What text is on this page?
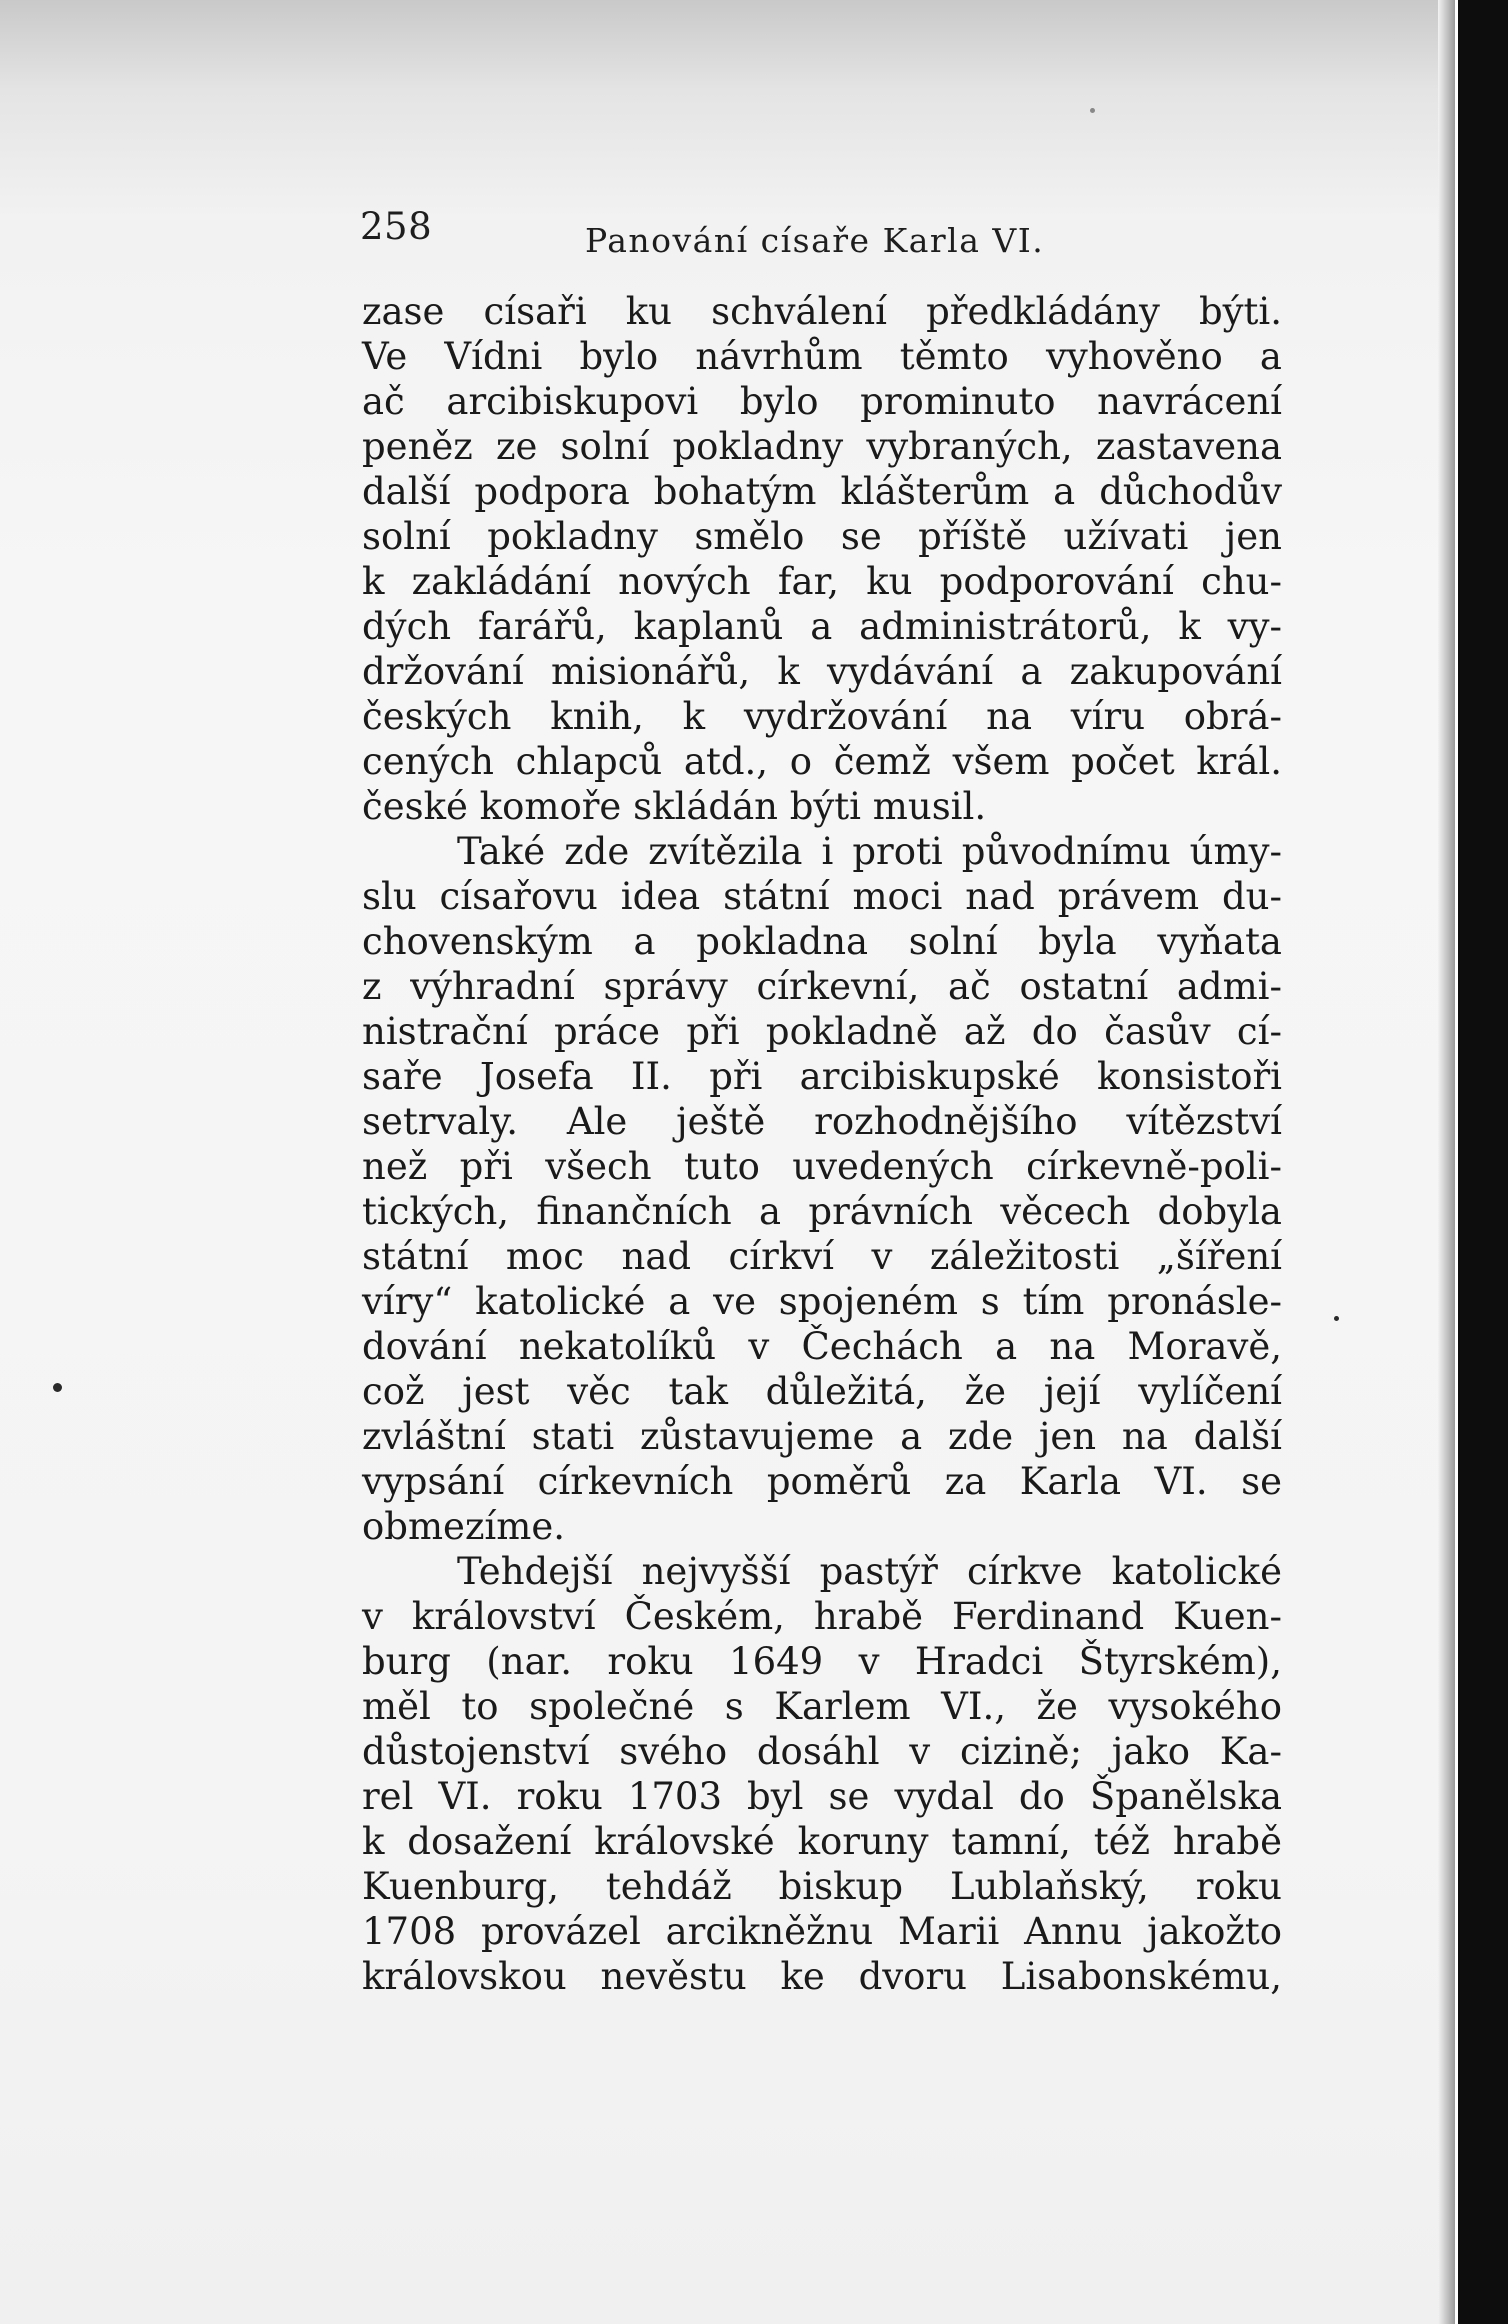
258	Panování císaře Karla VI.
zase císaři ku schválení předkládány býti.
Ve Vídni bylo návrhům těmto vyhověno a
ač arcibiskupovi bylo prominuto navrácení
peněz ze solní pokladny vybraných, zastavena
další podpora bohatým klášterům a důchodův
solní pokladny smělo se příště užívati jen
k zakládání nových far, ku podporování chu-
dých farářů, kaplanů a administrátorů, k vy-
držování misionářů, k vydávání a zakupování
českých knih, k vydržování na víru obrá-
cených chlapců atd., o čemž všem počet král.
české komoře skládán býti musil.
Také zde zvítězila i proti původnímu úmy-
slu císařovu idea státní moci nad právem du-
chovenským a pokladna solní byla vyňata
z výhradní správy církevní, ač ostatní admi-
nistrační práce při pokladně až do časův cí-
saře Josefa II. při arcibiskupské konsistoři
setrvaly. Ale ještě rozhodnějšího vítězství
než při všech tuto uvedených církevně-poli-
tických, finančních a právních věcech dobyla
státní moc nad církví v záležitosti „šíření
víry“ katolické a ve spojeném s tím pronásle-
dování nekatolíků v Čechách a na Moravě,
což jest věc tak důležitá, že její vylíčení
zvláštní stati zůstavujeme a zde jen na další
vypsání církevních poměrů za Karla VI. se
obmezíme.
Tehdejší nejvyšší pastýř církve katolické
v království Českém, hrabě Ferdinand Kuen-
burg (nar. roku 1649 v Hradci Štyrském),
měl to společné s Karlem VI., že vysokého
důstojenství svého dosáhl v cizině; jako Ka-
rel VI. roku 1703 byl se vydal do Španělska
k dosažení královské koruny tamní, též hrabě
Kuenburg, tehdáž biskup Lublaňský, roku
1708 provázel arcikněžnu Marii Annu jakožto
královskou nevěstu ke dvoru Lisabonskému,
